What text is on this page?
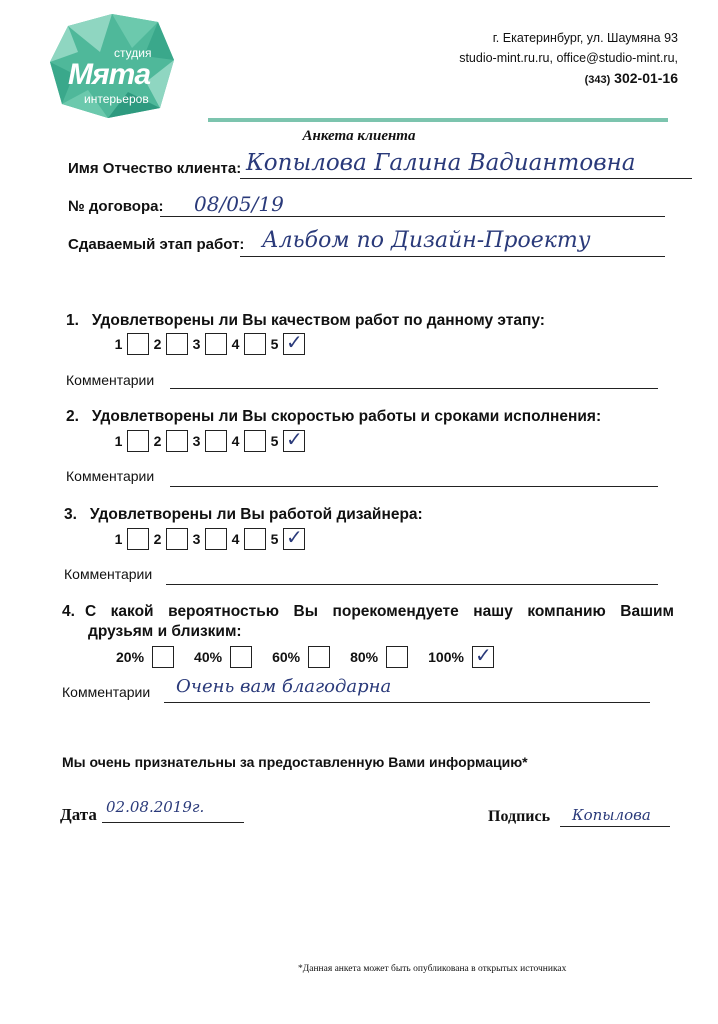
студия
Мята
интерьеров
г. Екатеринбург, ул. Шаумяна 93
studio-mint.ru.ru, office@studio-mint.ru,
(343) 302-01-16
Анкета клиента
Имя Отчество клиента: Копылова Галина Вадиантовна
№ договора: 08/05/19
Сдаваемый этап работ: Альбом по Дизайн-Проекту
1. Удовлетворены ли Вы качеством работ по данному этапу:
1 2 3 4 5 ✓
Комментарии
2. Удовлетворены ли Вы скоростью работы и сроками исполнения:
1 2 3 4 5 ✓
Комментарии
3. Удовлетворены ли Вы работой дизайнера:
1 2 3 4 5 ✓
Комментарии
4. С какой вероятностью Вы порекомендуете нашу компанию Вашим
друзьям и близким:
20%	40%	60%	80%	100% ✓
Комментарии Очень вам благодарна
Мы очень признательны за предоставленную Вами информацию*
Дата 02.08.2019г.
Подпись Копылова
*Данная анкета может быть опубликована в открытых источниках
